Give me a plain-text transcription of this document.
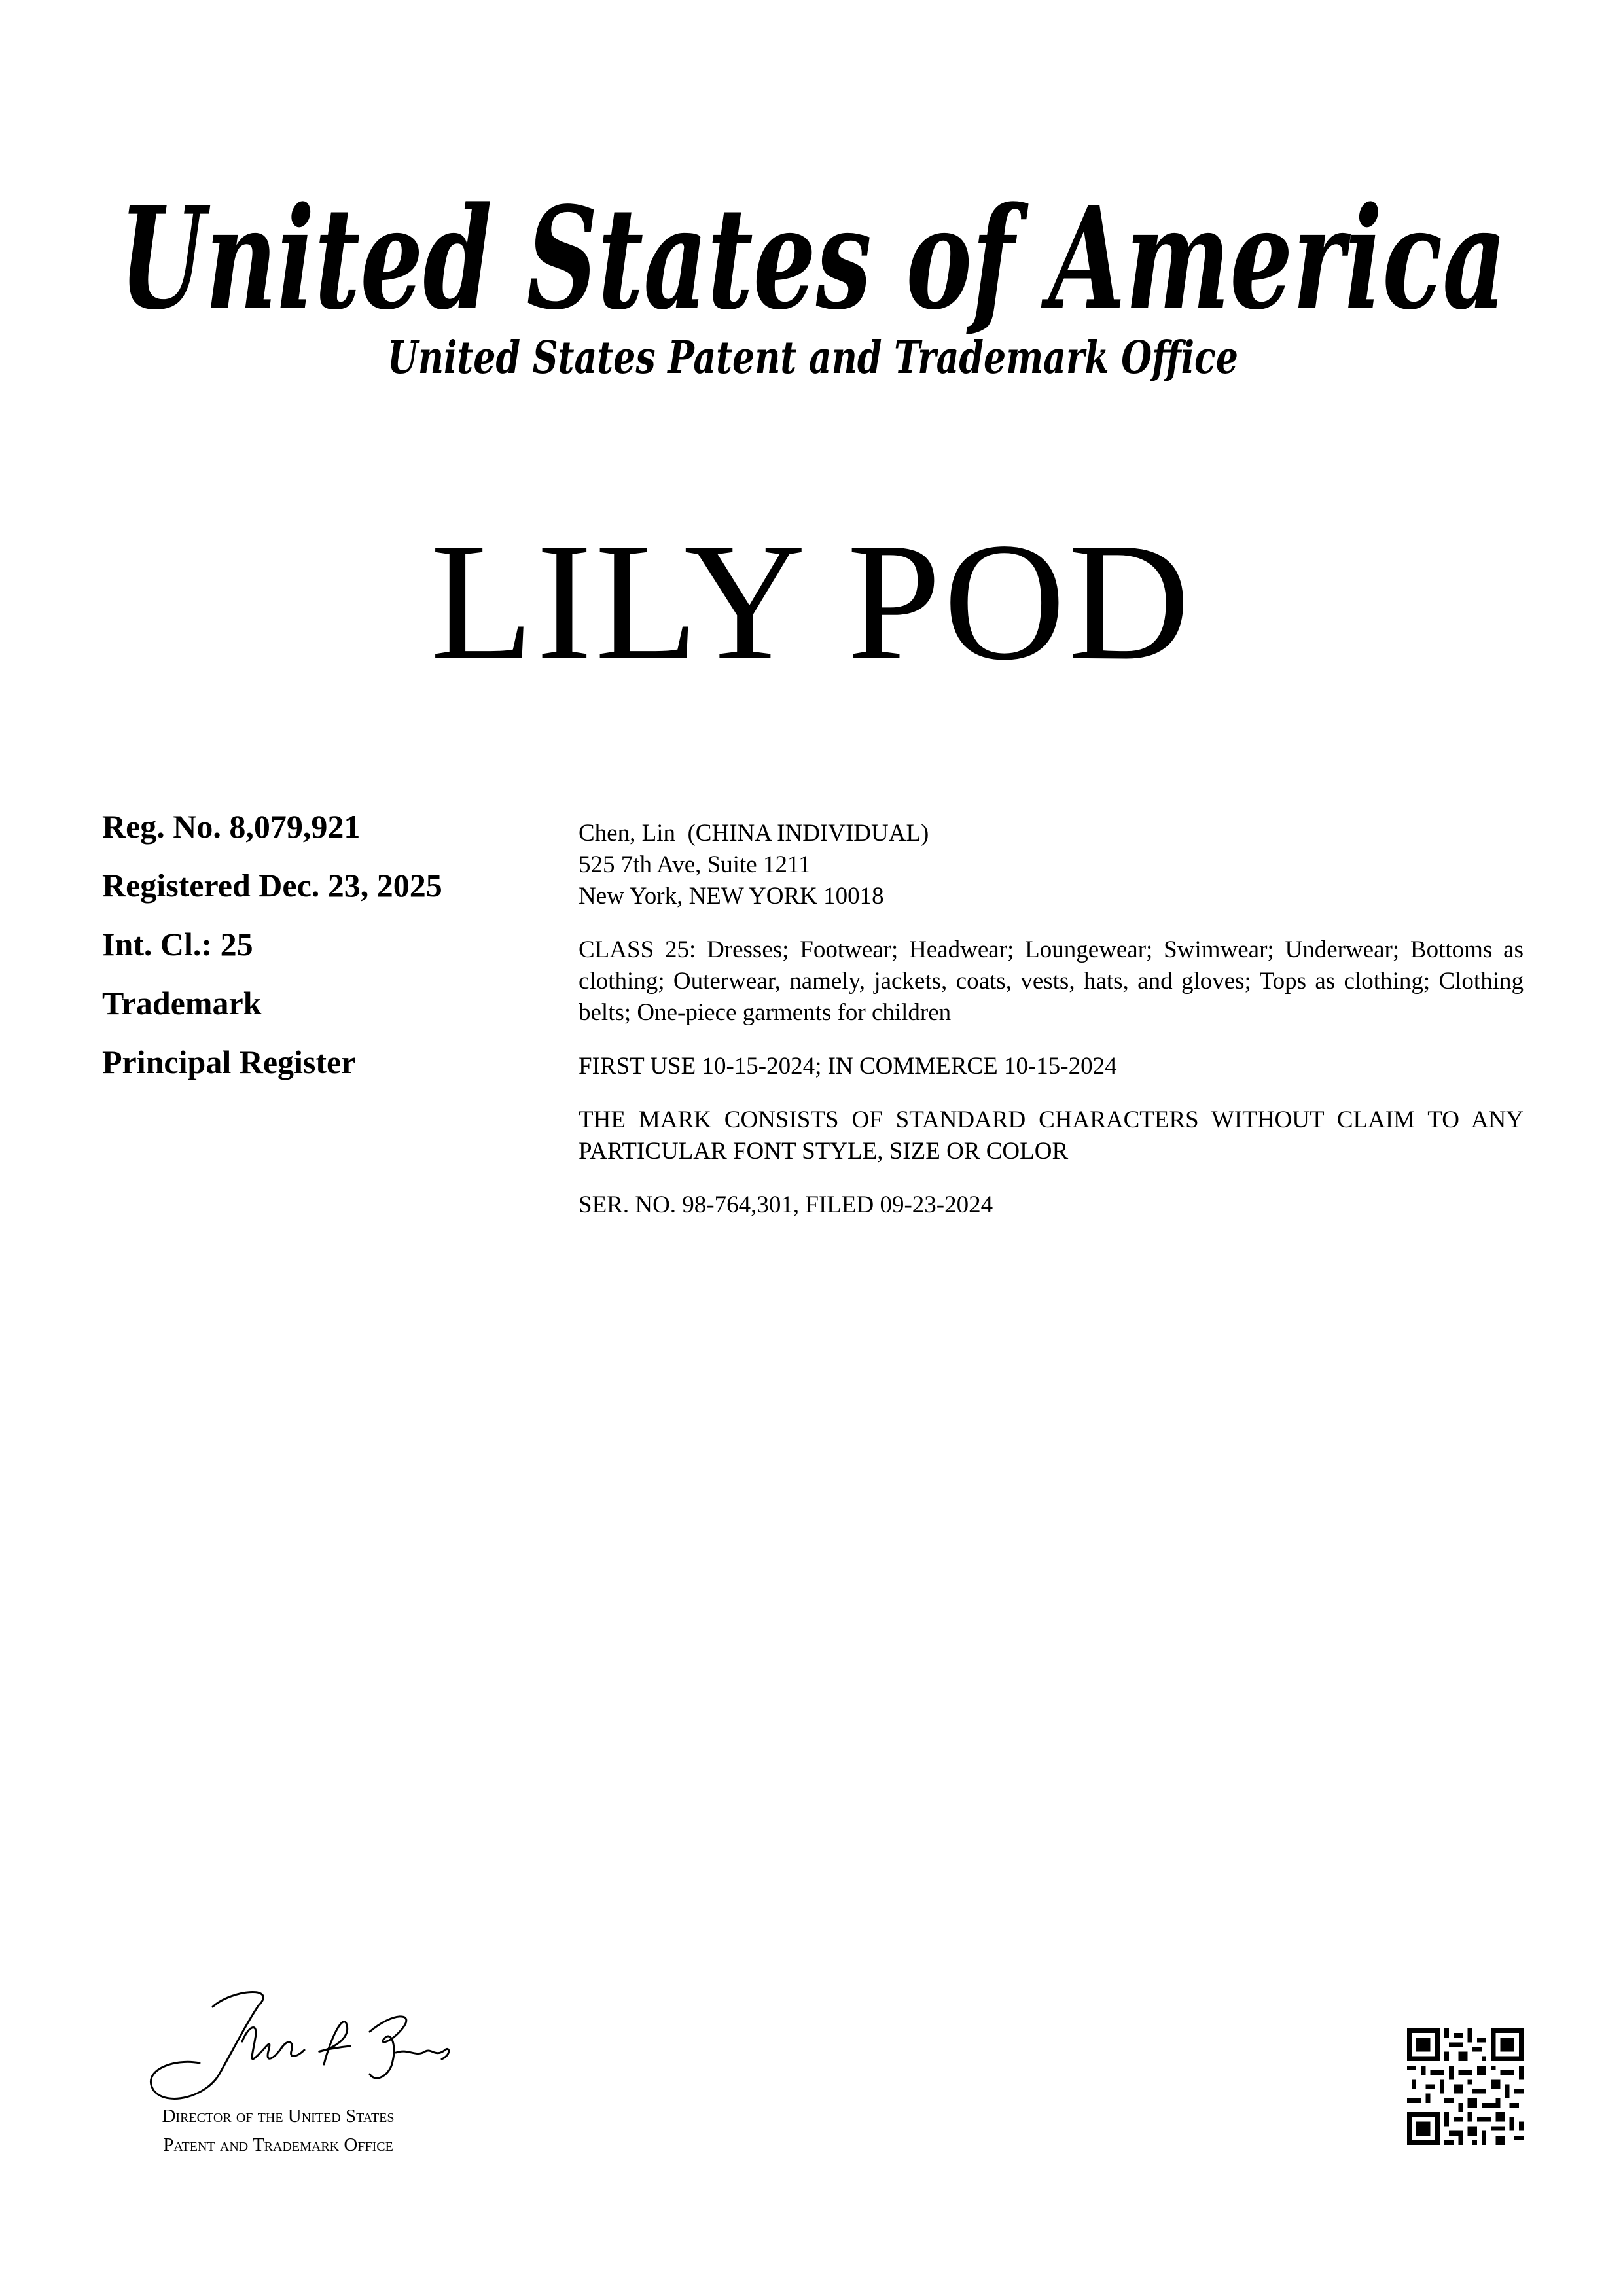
United States of America
United States Patent and Trademark Office
LILY POD
Reg. No. 8,079,921
Registered Dec. 23, 2025
Int. Cl.: 25
Trademark
Principal Register

Chen, Lin  (CHINA INDIVIDUAL)

525 7th Ave, Suite 1211

New York, NEW YORK 10018

CLASS 25: Dresses; Footwear; Headwear; Loungewear; Swimwear; Underwear; Bottoms as clothing; Outerwear, namely, jackets, coats, vests, hats, and gloves; Tops as clothing; Clothing belts; One-piece garments for children

FIRST USE 10-15-2024; IN COMMERCE 10-15-2024

THE MARK CONSISTS OF STANDARD CHARACTERS WITHOUT CLAIM TO ANY PARTICULAR FONT STYLE, SIZE OR COLOR

SER. NO. 98-764,301, FILED 09-23-2024

Director of the United States
Patent and Trademark Office
